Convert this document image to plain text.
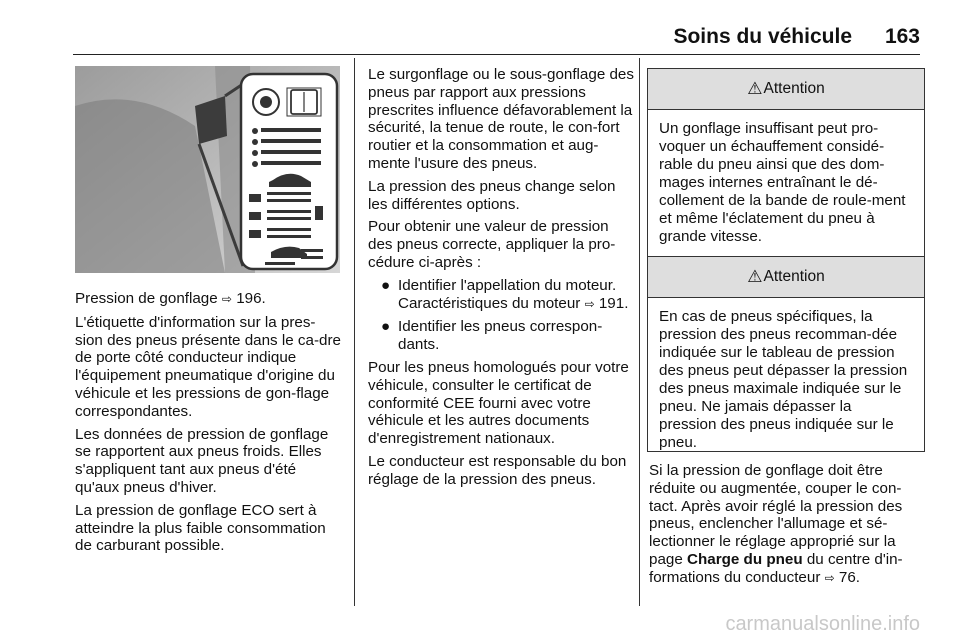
Soins du véhicule 163

Pression de gonflage ⇨ 196.

L'étiquette d'information sur la pres-sion des pneus présente dans le ca-dre de porte côté conducteur indique l'équipement pneumatique d'origine du véhicule et les pressions de gon-flage correspondantes.

Les données de pression de gonflage se rapportent aux pneus froids. Elles s'appliquent tant aux pneus d'été qu'aux pneus d'hiver.

La pression de gonflage ECO sert à atteindre la plus faible consommation de carburant possible.

Le surgonflage ou le sous-gonflage des pneus par rapport aux pressions prescrites influence défavorablement la sécurité, la tenue de route, le con-fort routier et la consommation et aug-mente l'usure des pneus.

La pression des pneus change selon les différentes options.

Pour obtenir une valeur de pression des pneus correcte, appliquer la pro-cédure ci-après :

● Identifier l'appellation du moteur. Caractéristiques du moteur ⇨ 191.
● Identifier les pneus correspon-dants.

Pour les pneus homologués pour votre véhicule, consulter le certificat de conformité CEE fourni avec votre véhicule et les autres documents d'enregistrement nationaux.

Le conducteur est responsable du bon réglage de la pression des pneus.

⚠ Attention
Un gonflage insuffisant peut pro-voquer un échauffement considé-rable du pneu ainsi que des dom-mages internes entraînant le dé-collement de la bande de roule-ment et même l'éclatement du pneu à grande vitesse.
⚠ Attention
En cas de pneus spécifiques, la pression des pneus recomman-dée indiquée sur le tableau de pression des pneus peut dépasser la pression des pneus maximale indiquée sur le pneu. Ne jamais dépasser la pression des pneus indiquée sur le pneu.

Si la pression de gonflage doit être réduite ou augmentée, couper le con-tact. Après avoir réglé la pression des pneus, enclencher l'allumage et sé-lectionner le réglage approprié sur la page Charge du pneu du centre d'in-formations du conducteur ⇨ 76.

carmanualsonline.info
